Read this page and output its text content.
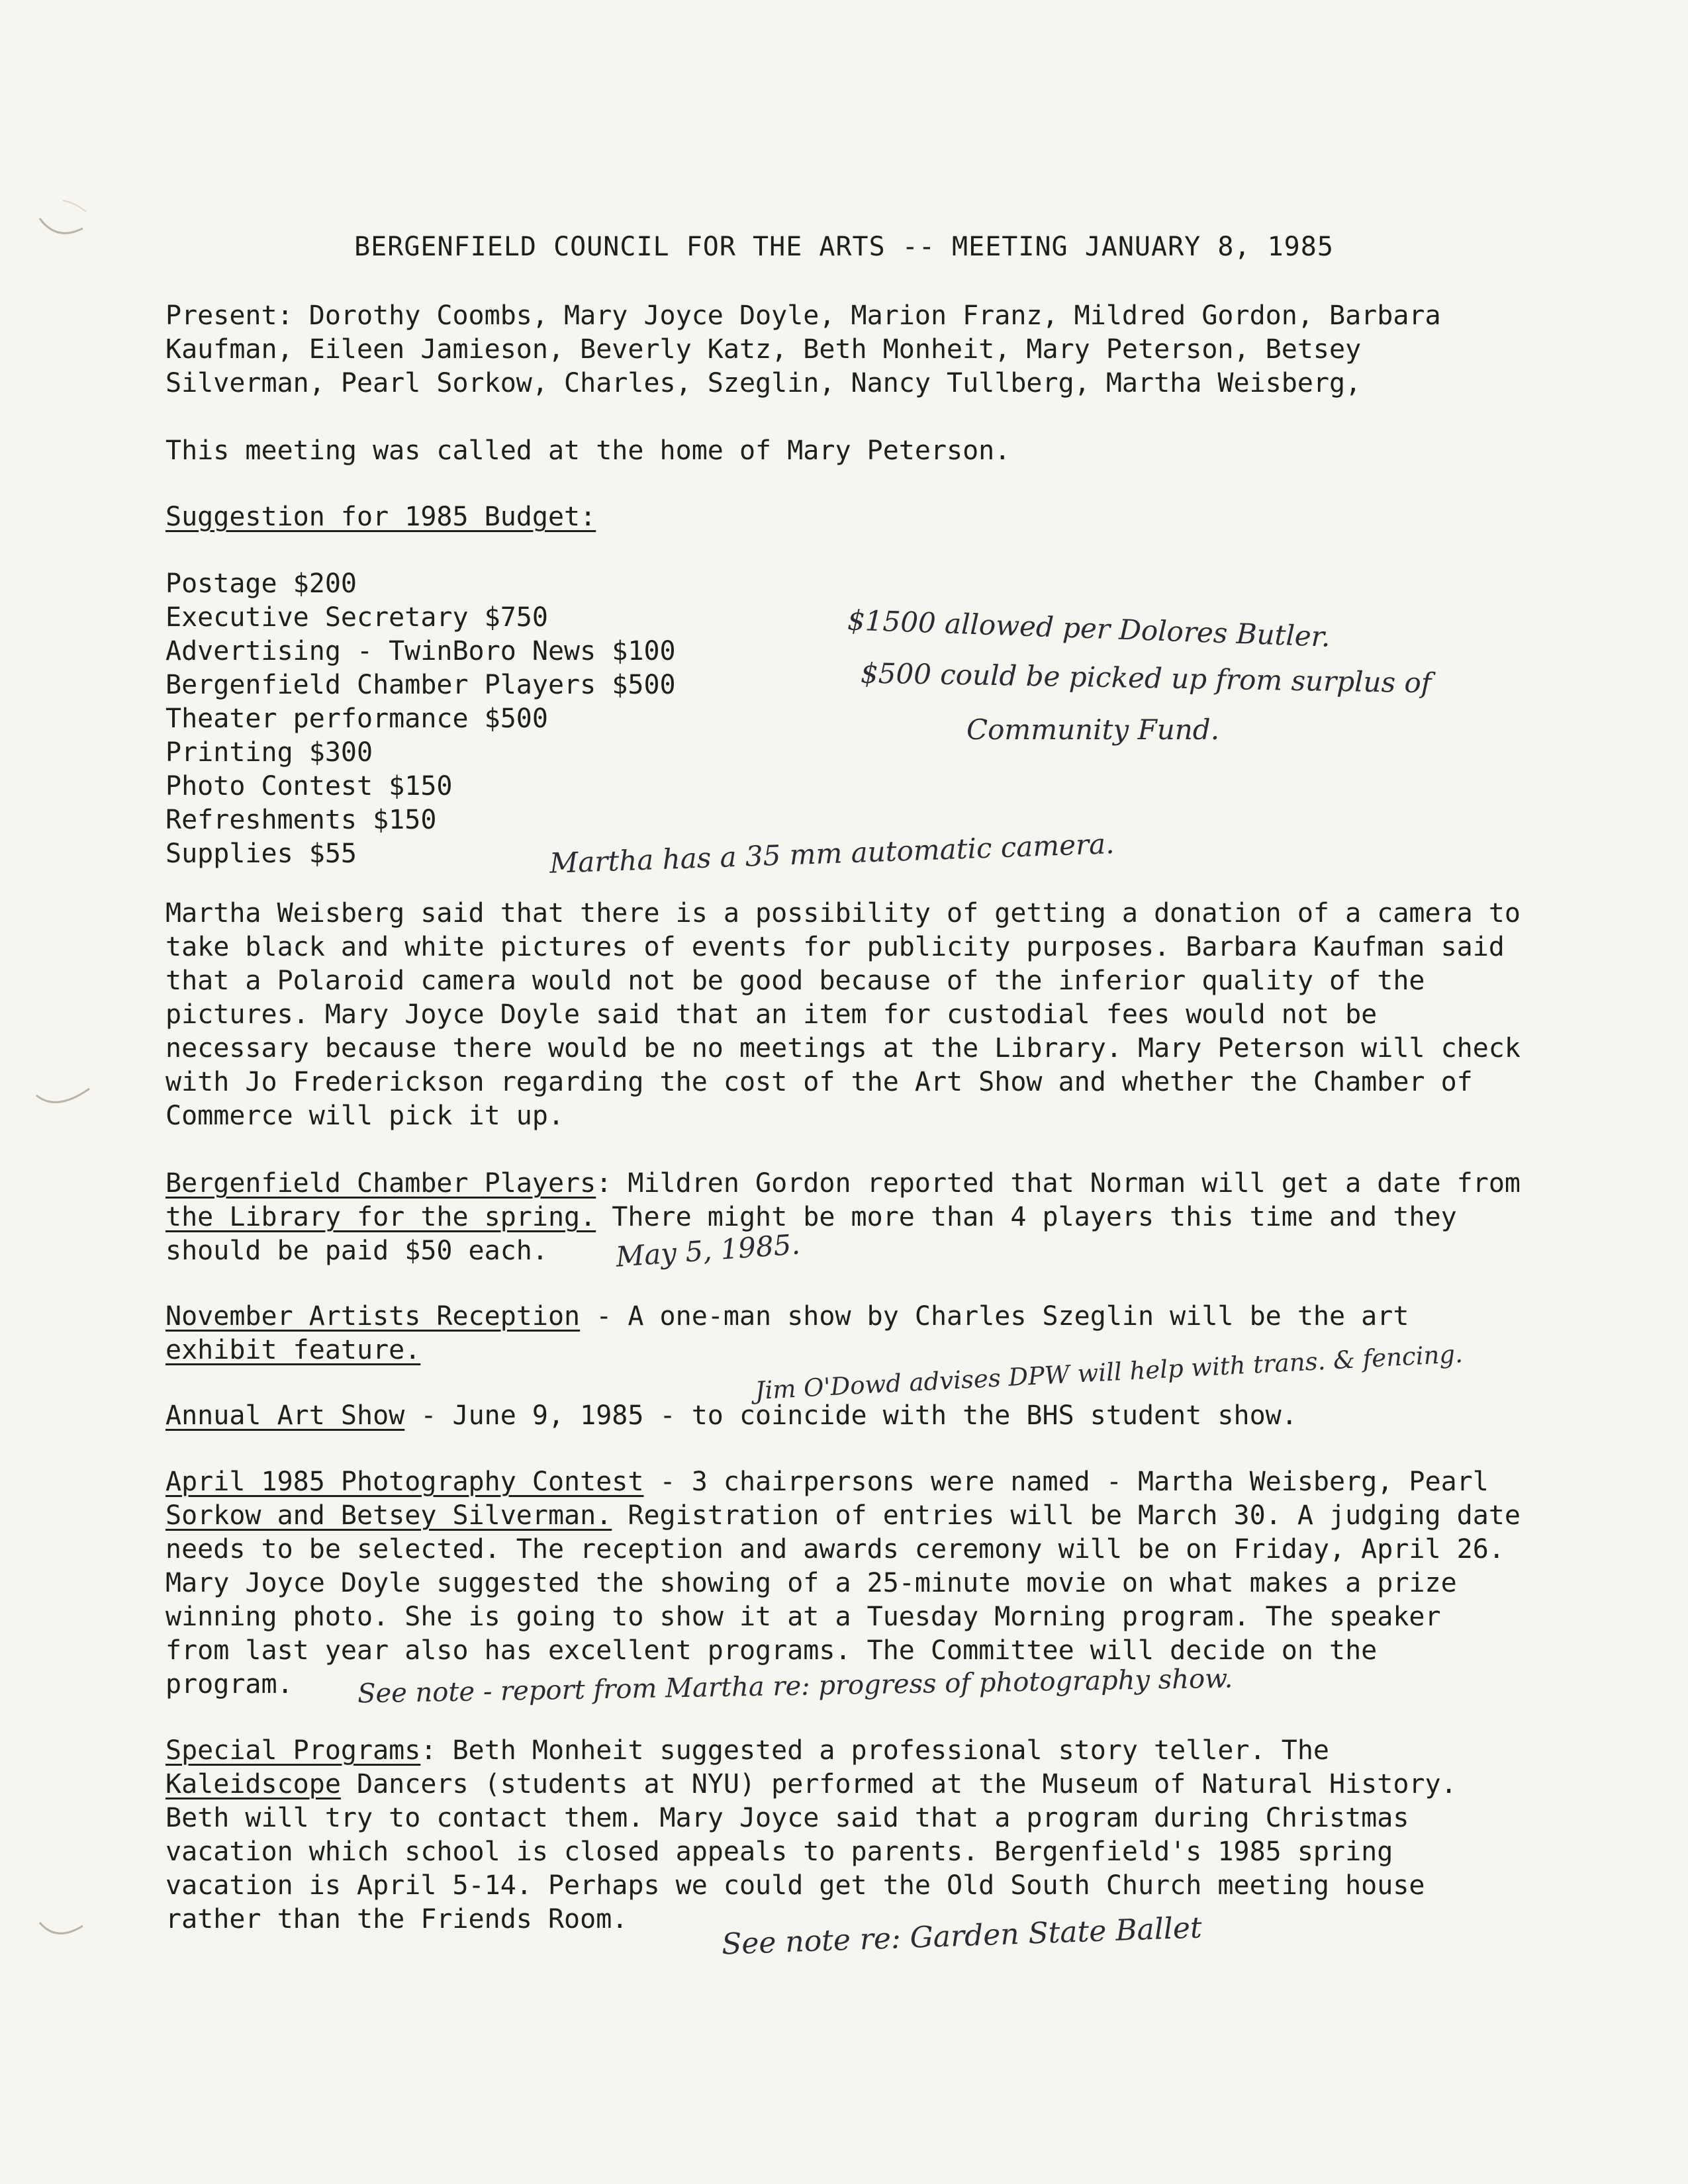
BERGENFIELD COUNCIL FOR THE ARTS -- MEETING JANUARY 8, 1985

Present: Dorothy Coombs, Mary Joyce Doyle, Marion Franz, Mildred Gordon, Barbara

Kaufman, Eileen Jamieson, Beverly Katz, Beth Monheit, Mary Peterson, Betsey

Silverman, Pearl Sorkow, Charles, Szeglin, Nancy Tullberg, Martha Weisberg,

This meeting was called at the home of Mary Peterson.
Suggestion for 1985 Budget:
Postage $200
Executive Secretary $750
Advertising - TwinBoro News $100
Bergenfield Chamber Players $500
Theater performance $500
Printing $300
Photo Contest $150
Refreshments $150
Supplies $55
$1500 allowed per Dolores Butler.
$500 could be picked up from surplus of
Community Fund.
Martha has a 35 mm automatic camera.

Martha Weisberg said that there is a possibility of getting a donation of a camera to

take black and white pictures of events for publicity purposes. Barbara Kaufman said

that a Polaroid camera would not be good because of the inferior quality of the

pictures. Mary Joyce Doyle said that an item for custodial fees would not be

necessary because there would be no meetings at the Library. Mary Peterson will check

with Jo Frederickson regarding the cost of the Art Show and whether the Chamber of

Commerce will pick it up.

Bergenfield Chamber Players: Mildren Gordon reported that Norman will get a date from

the Library for the spring. There might be more than 4 players this time and they

should be paid $50 each.	May 5, 1985.

November Artists Reception - A one-man show by Charles Szeglin will be the art

exhibit feature.	Jim O'Dowd advises DPW will help with trans. & fencing.

Annual Art Show - June 9, 1985 - to coincide with the BHS student show.

April 1985 Photography Contest - 3 chairpersons were named - Martha Weisberg, Pearl

Sorkow and Betsey Silverman. Registration of entries will be March 30. A judging date

needs to be selected. The reception and awards ceremony will be on Friday, April 26.

Mary Joyce Doyle suggested the showing of a 25-minute movie on what makes a prize

winning photo. She is going to show it at a Tuesday Morning program. The speaker

from last year also has excellent programs. The Committee will decide on the

program.	See note - report from Martha re: progress of photography show.

Special Programs: Beth Monheit suggested a professional story teller. The

Kaleidscope Dancers (students at NYU) performed at the Museum of Natural History.

Beth will try to contact them. Mary Joyce said that a program during Christmas

vacation which school is closed appeals to parents. Bergenfield's 1985 spring

vacation is April 5-14. Perhaps we could get the Old South Church meeting house

rather than the Friends Room.	See note re: Garden State Ballet
